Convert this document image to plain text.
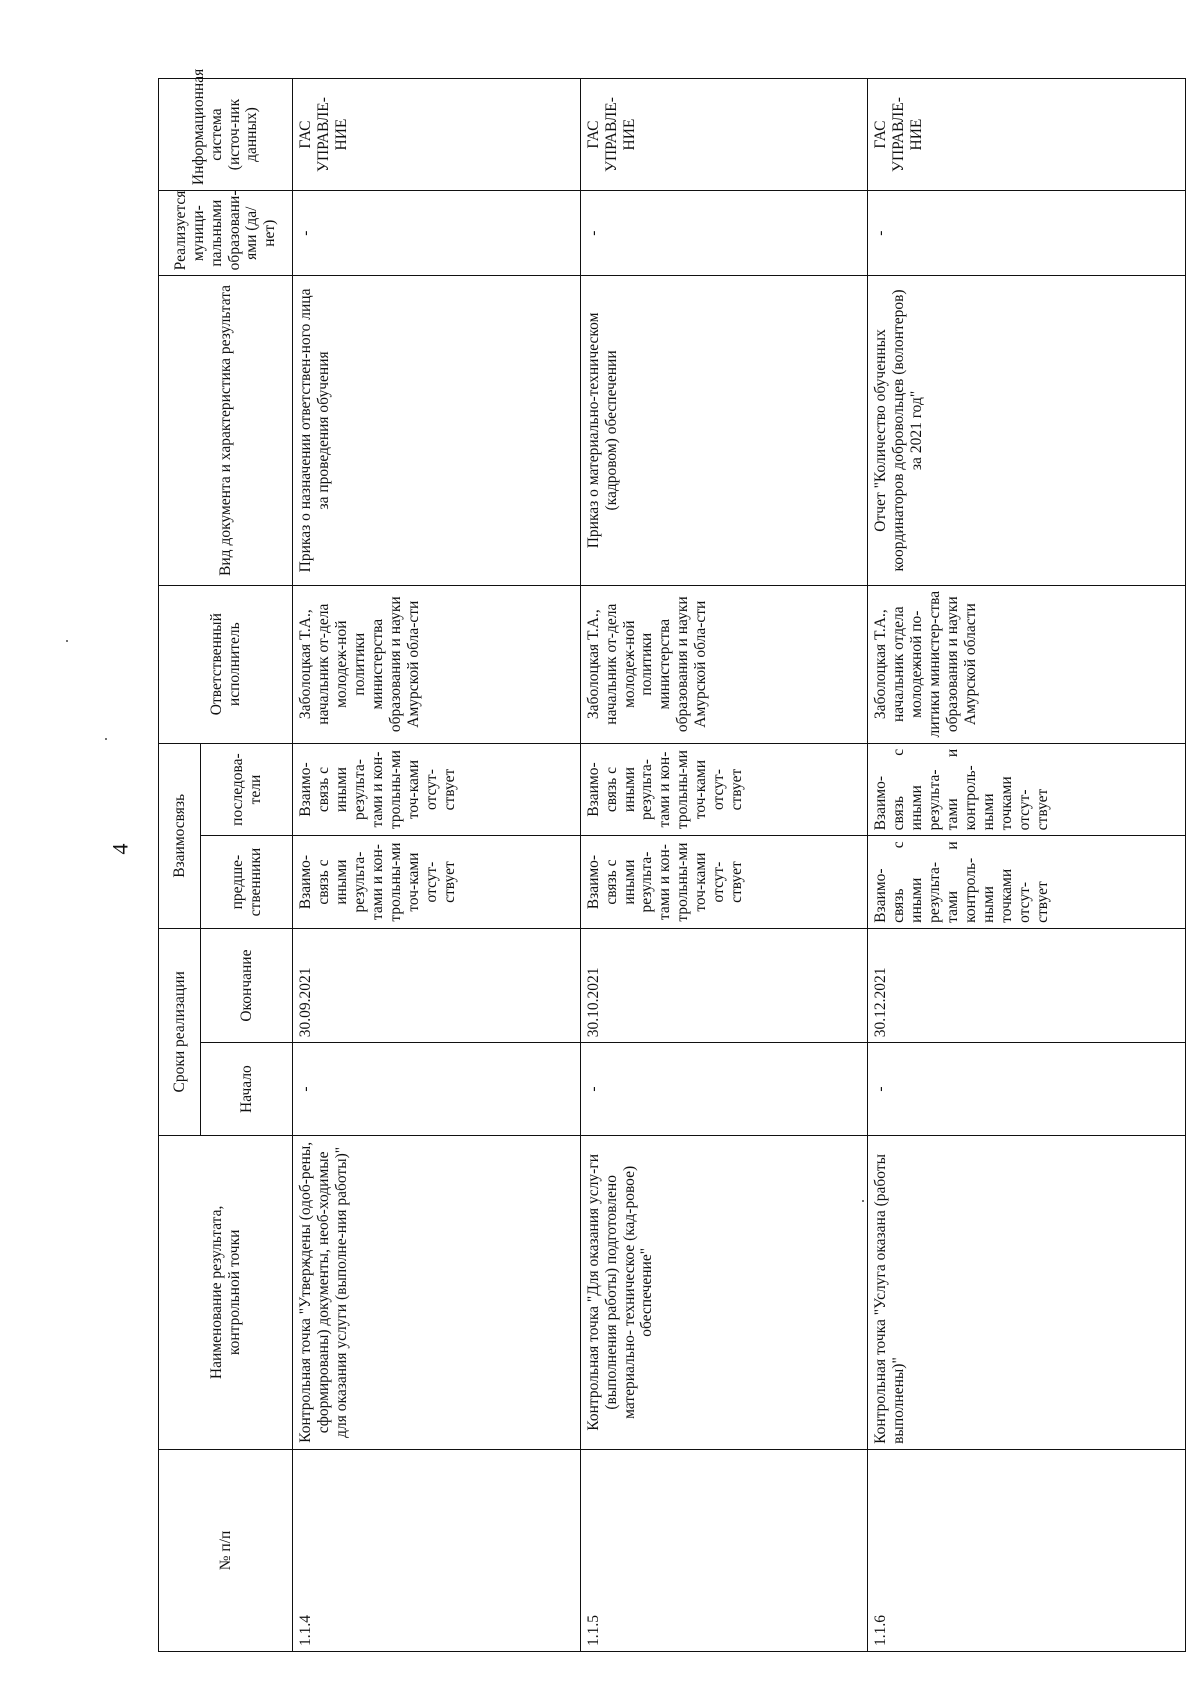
4
№ п/п	Наименование результата, контрольной точки	Сроки реализации		Взаимосвязь		Ответственный исполнитель	Вид документа и характеристика результата	Реализуется муници-пальными образовани-ями (да/нет)	Информационная система (источ-ник данных)
		Начало	Окончание	предше-ственники	последова-тели				
1.1.4	Контрольная точка "Утверждены (одоб-рены, сформированы) документы, необ-ходимые для оказания услуги (выполне-ния работы)"	-	30.09.2021	Взаимо-связь с иными результа-тами и кон-трольны-ми точ-ками отсут-ствует	Взаимо-связь с иными результа-тами и кон-трольны-ми точ-ками отсут-ствует	Заболоцкая Т.А., начальник от-дела молодеж-ной политики министерства образования и науки Амурской обла-сти	Приказ о назначении ответствен-ного лица за проведения обучения	-	ГАС УПРАВЛЕ-НИЕ
1.1.5	Контрольная точка "Для оказания услу-ги (выполнения работы) подготовлено материально- техническое (кад-ровое) обеспечение"	-	30.10.2021	Взаимо-связь с иными результа-тами и кон-трольны-ми точ-ками отсут-ствует	Взаимо-связь с иными результа-тами и кон-трольны-ми точ-ками отсут-ствует	Заболоцкая Т.А., начальник от-дела молодеж-ной политики министерства образования и науки Амурской обла-сти	Приказ о материально-техническом (кадровом) обеспечении	-	ГАС УПРАВЛЕ-НИЕ
1.1.6	Контрольная точка "Услуга оказана (работы выполнены)"	-	30.12.2021	Взаимо-связь с иными результа-тами и контроль-ными точками отсут-ствует	Взаимо-связь с иными результа-тами и контроль-ными точками отсут-ствует	Заболоцкая Т.А., начальник отдела молодежной по-литики министер-ства образования и науки Амурской области	Отчет "Количество обученных координаторов добровольцев (волонтеров) за 2021 год"	-	ГАС УПРАВЛЕ-НИЕ
